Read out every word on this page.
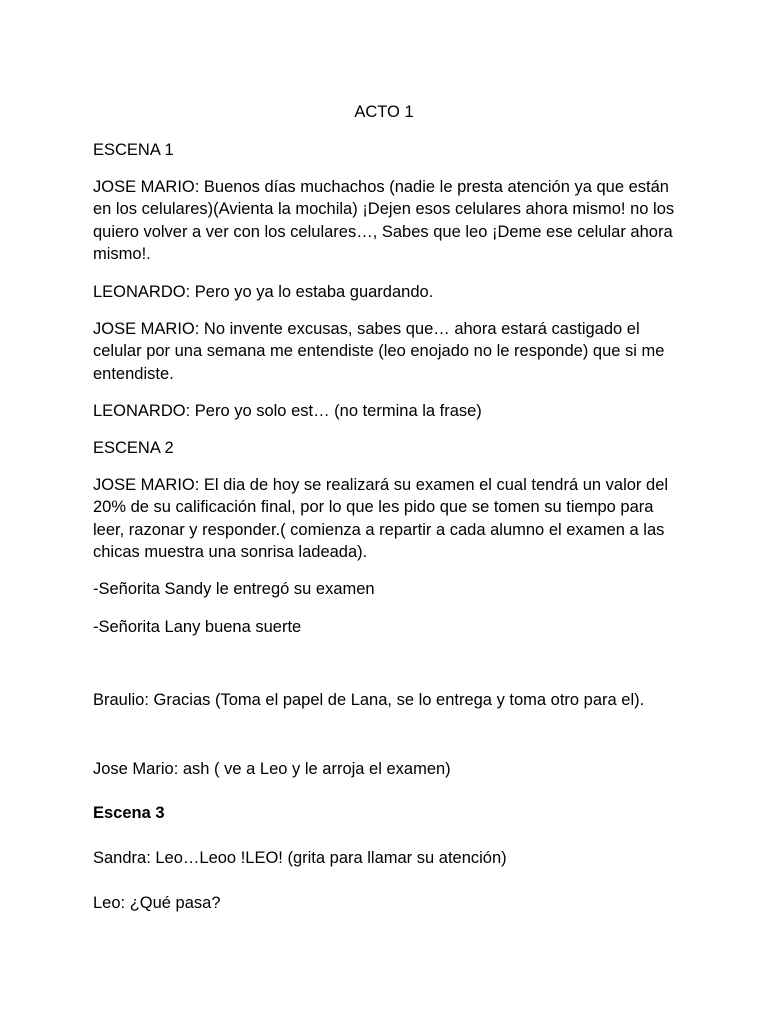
ACTO 1

ESCENA 1

JOSE MARIO: Buenos días muchachos (nadie le presta atención ya que están en los celulares)(Avienta la mochila) ¡Dejen esos celulares ahora mismo! no los quiero volver a ver con los celulares…, Sabes que leo ¡Deme ese celular ahora mismo!.

LEONARDO: Pero yo ya lo estaba guardando.

JOSE MARIO: No invente excusas, sabes que… ahora estará castigado el celular por una semana me entendiste (leo enojado no le responde) que si me entendiste.

LEONARDO: Pero yo solo est… (no termina la frase)

ESCENA 2

JOSE MARIO: El dia de hoy se realizará su examen el cual tendrá un valor del 20% de su calificación final, por lo que les pido que se tomen su tiempo para leer, razonar y responder.( comienza a repartir a cada alumno el examen a las chicas muestra una sonrisa ladeada).

-Señorita Sandy le entregó su examen

-Señorita Lany buena suerte

Braulio: Gracias (Toma el papel de Lana, se lo entrega y toma otro para el).

Jose Mario: ash ( ve a Leo y le arroja el examen)

Escena 3

Sandra: Leo…Leoo !LEO! (grita para llamar su atención)

Leo: ¿Qué pasa?
